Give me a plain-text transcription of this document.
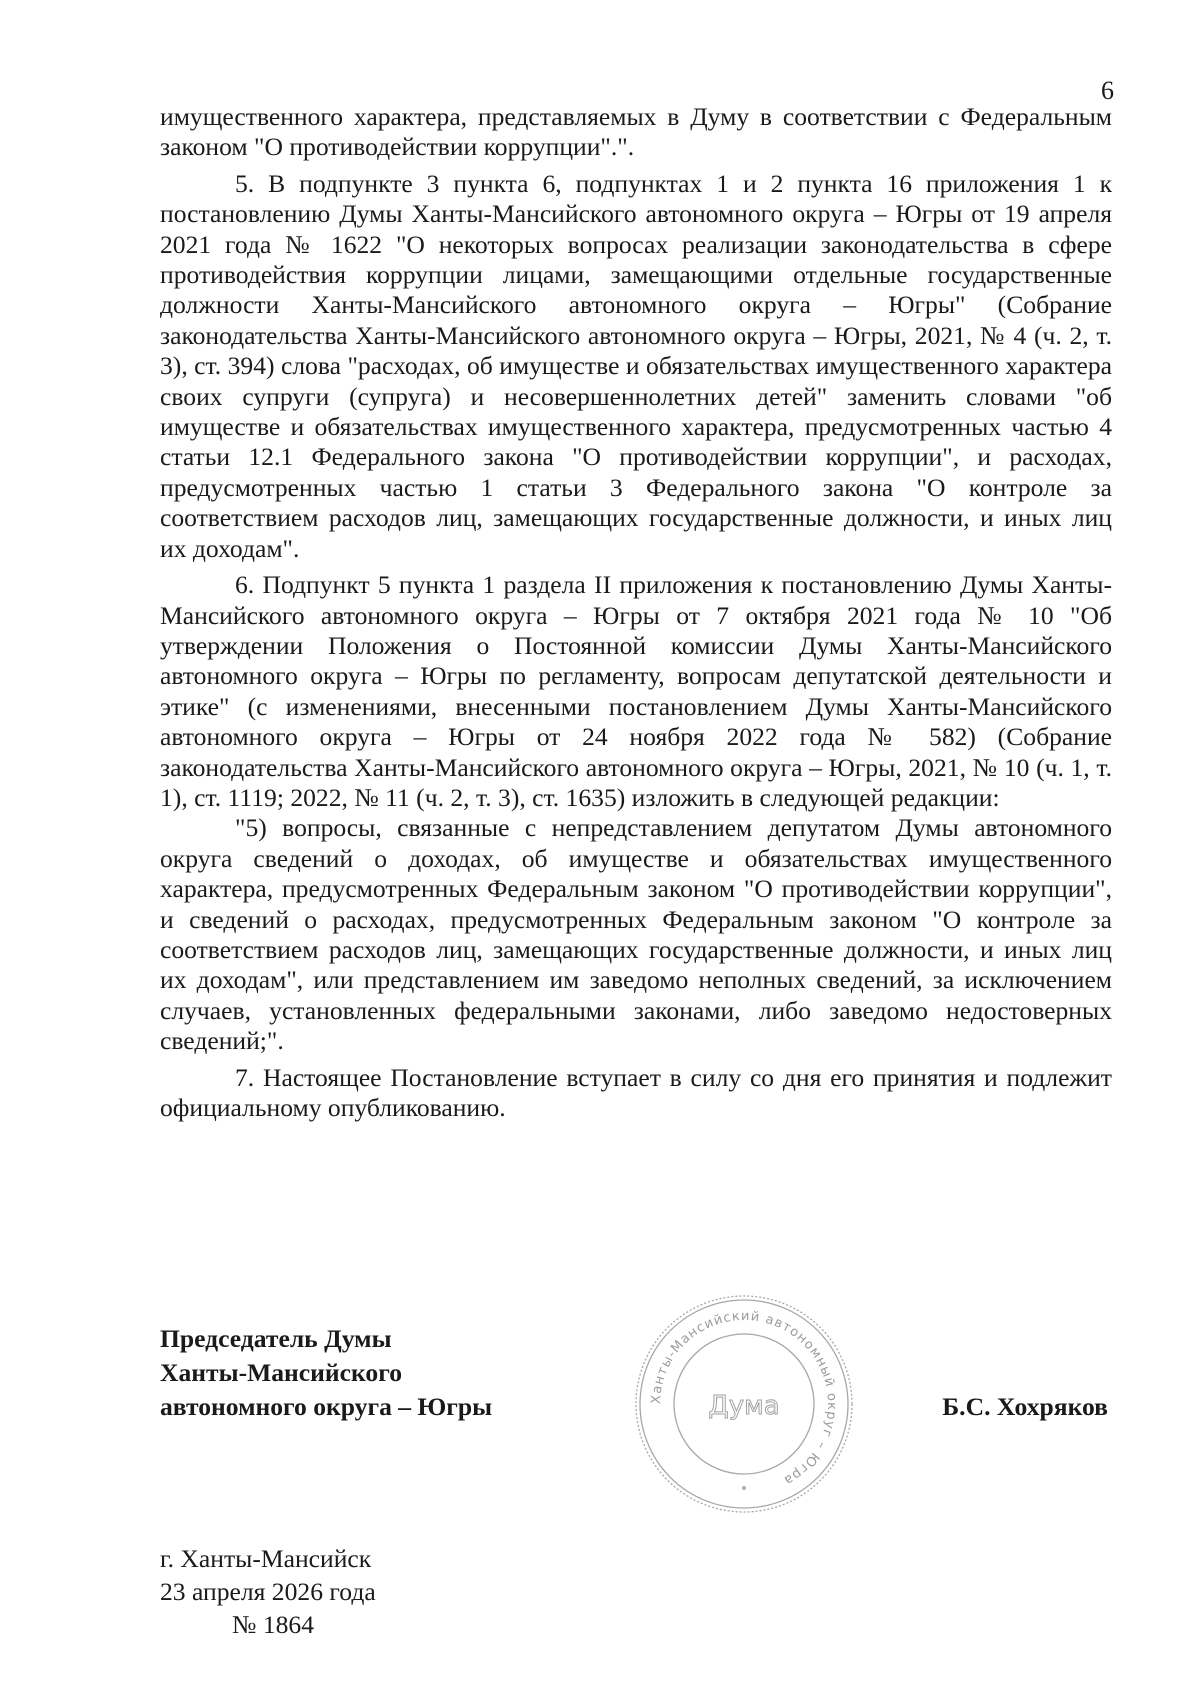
6

имущественного характера, представляемых в Думу в соответствии с Федеральным законом "О противодействии коррупции".".

5. В подпункте 3 пункта 6, подпунктах 1 и 2 пункта 16 приложения 1 к постановлению Думы Ханты-Мансийского автономного округа – Югры от 19 апреля 2021 года № 1622 "О некоторых вопросах реализации законодательства в сфере противодействия коррупции лицами, замещающими отдельные государственные должности Ханты-Мансийского автономного округа – Югры" (Собрание законодательства Ханты-Мансийского автономного округа – Югры, 2021, № 4 (ч. 2, т. 3), ст. 394) слова "расходах, об имуществе и обязательствах имущественного характера своих супруги (супруга) и несовершеннолетних детей" заменить словами "об имуществе и обязательствах имущественного характера, предусмотренных частью 4 статьи 12.1 Федерального закона "О противодействии коррупции", и расходах, предусмотренных частью 1 статьи 3 Федерального закона "О контроле за соответствием расходов лиц, замещающих государственные должности, и иных лиц их доходам".

6. Подпункт 5 пункта 1 раздела II приложения к постановлению Думы Ханты-Мансийского автономного округа – Югры от 7 октября 2021 года № 10 "Об утверждении Положения о Постоянной комиссии Думы Ханты-Мансийского автономного округа – Югры по регламенту, вопросам депутатской деятельности и этике" (с изменениями, внесенными постановлением Думы Ханты-Мансийского автономного округа – Югры от 24 ноября 2022 года № 582) (Собрание законодательства Ханты-Мансийского автономного округа – Югры, 2021, № 10 (ч. 1, т. 1), ст. 1119; 2022, № 11 (ч. 2, т. 3), ст. 1635) изложить в следующей редакции:

"5) вопросы, связанные с непредставлением депутатом Думы автономного округа сведений о доходах, об имуществе и обязательствах имущественного характера, предусмотренных Федеральным законом "О противодействии коррупции", и сведений о расходах, предусмотренных Федеральным законом "О контроле за соответствием расходов лиц, замещающих государственные должности, и иных лиц их доходам", или представлением им заведомо неполных сведений, за исключением случаев, установленных федеральными законами, либо заведомо недостоверных сведений;".

7. Настоящее Постановление вступает в силу со дня его принятия и подлежит официальному опубликованию.

Председатель Думы
Ханты-Мансийского
автономного округа – Югры	Ханты-Мансийский автономный округ – Югра
Дума	Б.С. Хохряков
г. Ханты-Мансийск
23 апреля 2026 года
№ 1864
